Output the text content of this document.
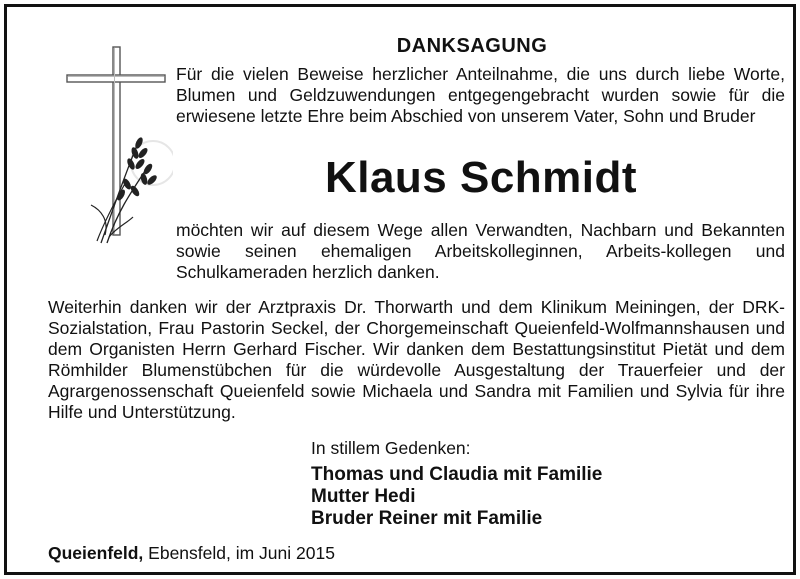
DANKSAGUNG
Für die vielen Beweise herzlicher Anteilnahme, die uns durch liebe Worte, Blumen und Geldzuwendungen entgegengebracht wurden sowie für die erwiesene letzte Ehre beim Abschied von unserem Vater, Sohn und Bruder
Klaus Schmidt
möchten wir auf diesem Wege allen Verwandten, Nachbarn und Bekannten sowie seinen ehemaligen Arbeitskolleginnen, Arbeits-kollegen und Schulkameraden herzlich danken.
Weiterhin danken wir der Arztpraxis Dr. Thorwarth und dem Klinikum Meiningen, der DRK-Sozialstation, Frau Pastorin Seckel, der Chorgemeinschaft Queienfeld-Wolfmannshausen und dem Organisten Herrn Gerhard Fischer. Wir danken dem Bestattungsinstitut Pietät und dem Römhilder Blumenstübchen für die würdevolle Ausgestaltung der Trauerfeier und der Agrargenossenschaft Queienfeld sowie Michaela und Sandra mit Familien und Sylvia für ihre Hilfe und Unterstützung.
In stillem Gedenken:
Thomas und Claudia mit Familie
Mutter Hedi
Bruder Reiner mit Familie
Queienfeld, Ebensfeld, im Juni 2015
